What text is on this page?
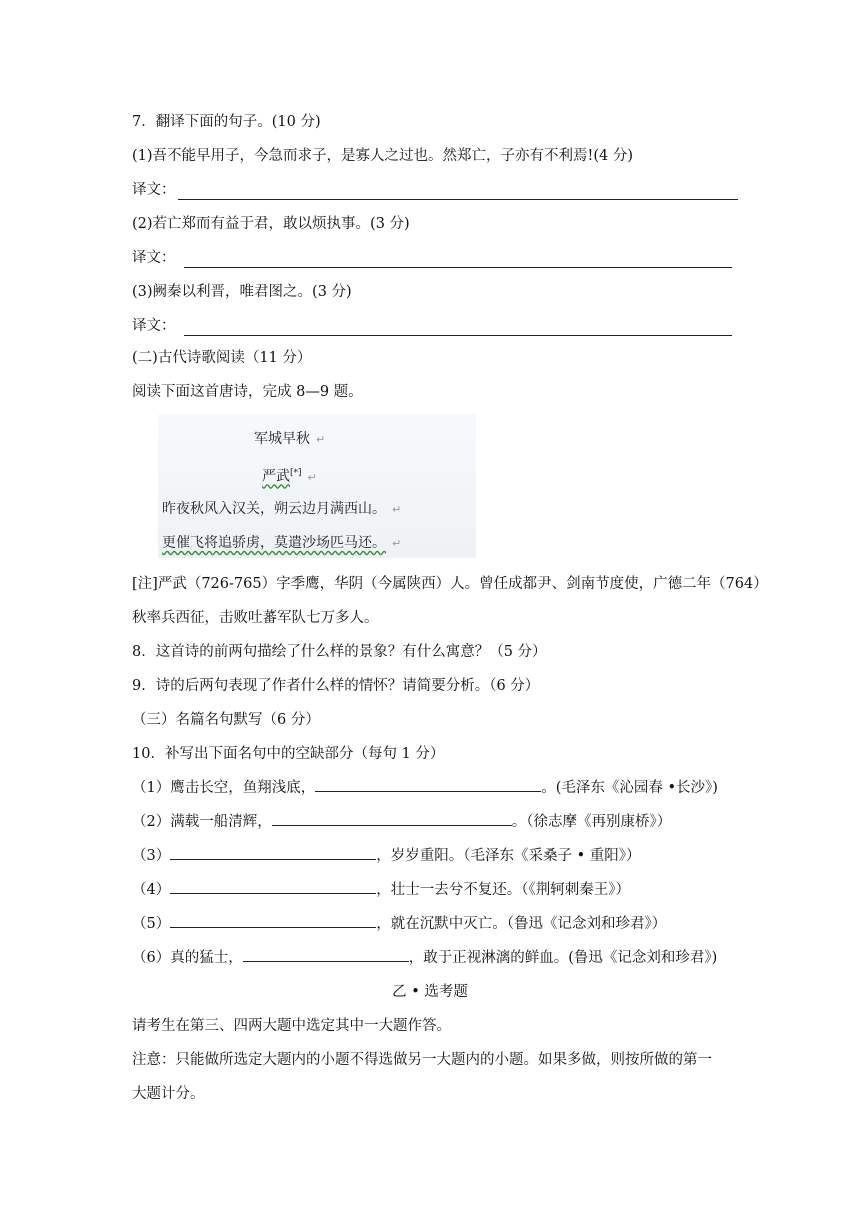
7．翻译下面的句子。(10 分)
(1)吾不能早用子，今急而求子，是寡人之过也。然郑亡，子亦有不利焉!(4 分)
译文：
(2)若亡郑而有益于君，敢以烦执事。(3 分)
译文：
(3)阙秦以利晋，唯君图之。(3 分)
译文：
(二)古代诗歌阅读（11 分）
阅读下面这首唐诗，完成 8—9 题。
军城早秋 ↵
严武[*] ↵
昨夜秋风入汉关，朔云边月满西山。 ↵
更催飞将追骄虏，莫遣沙场匹马还。 ↵
[注]严武（726-765）字季鹰，华阴（今属陕西）人。曾任成都尹、剑南节度使，广德二年（764）
秋率兵西征，击败吐蕃军队七万多人。
8．这首诗的前两句描绘了什么样的景象？有什么寓意？（5 分）
9．诗的后两句表现了作者什么样的情怀？请简要分析。（6 分）
（三）名篇名句默写（6 分）
10．补写出下面名句中的空缺部分（每句 1 分）
（1）鹰击长空，鱼翔浅底，	。(毛泽东《沁园春 •长沙》)
（2）满载一船清辉，	。（徐志摩《再别康桥》）
（3）	，岁岁重阳。（毛泽东《采桑子 • 重阳》）
（4）	，壮士一去兮不复还。（《荆轲刺秦王》）
（5）	，就在沉默中灭亡。（鲁迅《记念刘和珍君》）
（6）真的猛士，	，敢于正视淋漓的鲜血。(鲁迅《记念刘和珍君》)
乙 • 选考题
请考生在第三、四两大题中选定其中一大题作答。
注意：只能做所选定大题内的小题不得选做另一大题内的小题。如果多做，则按所做的第一
大题计分。
